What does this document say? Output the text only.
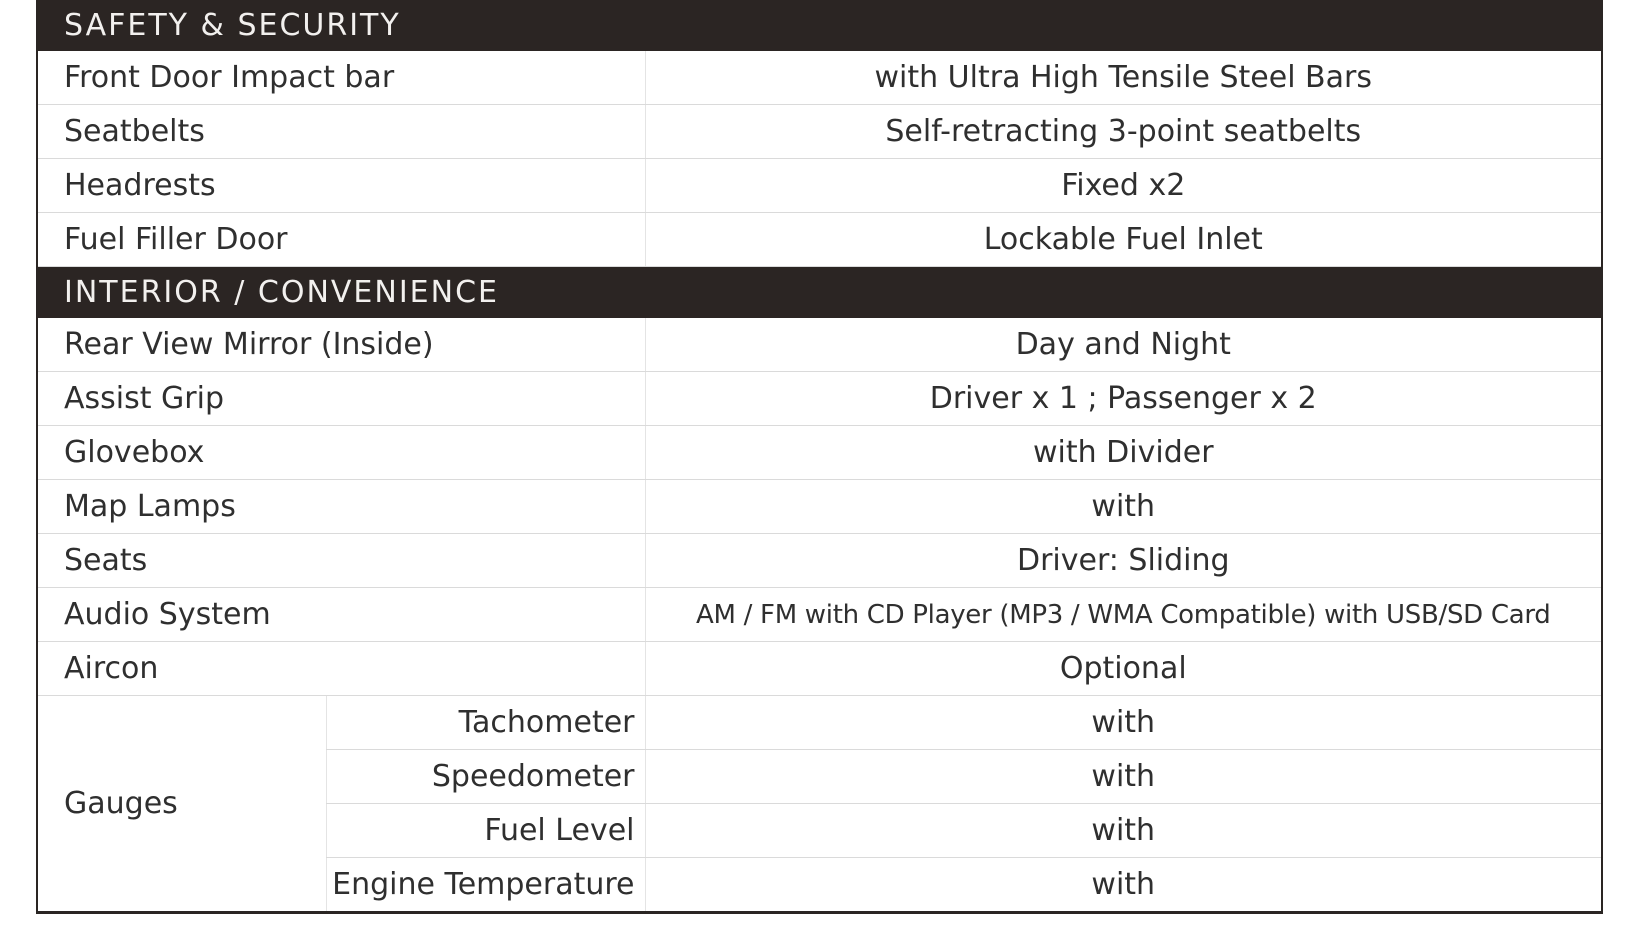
SAFETY & SECURITY		
Front Door Impact bar		with Ultra High Tensile Steel Bars
Seatbelts		Self-retracting 3-point seatbelts
Headrests		Fixed x2
Fuel Filler Door		Lockable Fuel Inlet
INTERIOR / CONVENIENCE		
Rear View Mirror (Inside)		Day and Night
Assist Grip		Driver x 1 ; Passenger x 2
Glovebox		with Divider
Map Lamps		with
Seats		Driver: Sliding
Audio System		AM / FM with CD Player (MP3 / WMA Compatible) with USB/SD Card
Aircon		Optional
Gauges	Tachometer	with
	Speedometer	with
	Fuel Level	with
	Engine Temperature	with
